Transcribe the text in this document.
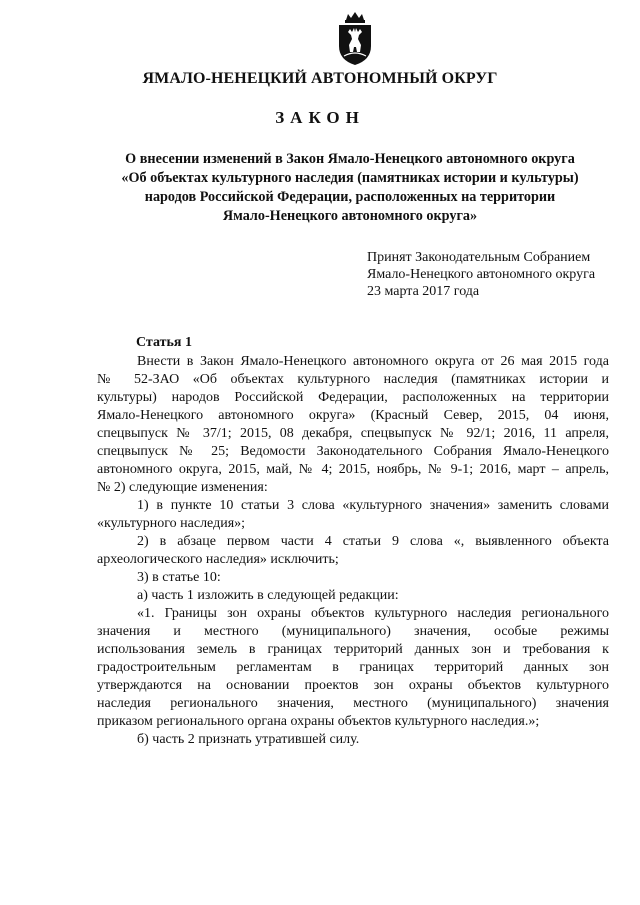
ЯМАЛО-НЕНЕЦКИЙ АВТОНОМНЫЙ ОКРУГ
ЗАКОН
О внесении изменений в Закон Ямало-Ненецкого автономного округа
«Об объектах культурного наследия (памятниках истории и культуры)
народов Российской Федерации, расположенных на территории
Ямало-Ненецкого автономного округа»
Принят Законодательным Собранием
Ямало-Ненецкого автономного округа
23 марта 2017 года
Статья 1
Внести в Закон Ямало-Ненецкого автономного округа от 26 мая 2015 года
№ 52-ЗАО «Об объектах культурного наследия (памятниках истории и
культуры) народов Российской Федерации, расположенных на территории
Ямало-Ненецкого автономного округа» (Красный Север, 2015, 04 июня,
спецвыпуск № 37/1; 2015, 08 декабря, спецвыпуск № 92/1; 2016, 11 апреля,
спецвыпуск № 25; Ведомости Законодательного Собрания Ямало-Ненецкого
автономного округа, 2015, май, № 4; 2015, ноябрь, № 9-1; 2016, март – апрель,
№ 2) следующие изменения:
1) в пункте 10 статьи 3 слова «культурного значения» заменить словами
«культурного наследия»;
2) в абзаце первом части 4 статьи 9 слова «, выявленного объекта
археологического наследия» исключить;
3) в статье 10:
а) часть 1 изложить в следующей редакции:
«1. Границы зон охраны объектов культурного наследия регионального
значения и местного (муниципального) значения, особые режимы
использования земель в границах территорий данных зон и требования к
градостроительным регламентам в границах территорий данных зон
утверждаются на основании проектов зон охраны объектов культурного
наследия регионального значения, местного (муниципального) значения
приказом регионального органа охраны объектов культурного наследия.»;
б) часть 2 признать утратившей силу.
